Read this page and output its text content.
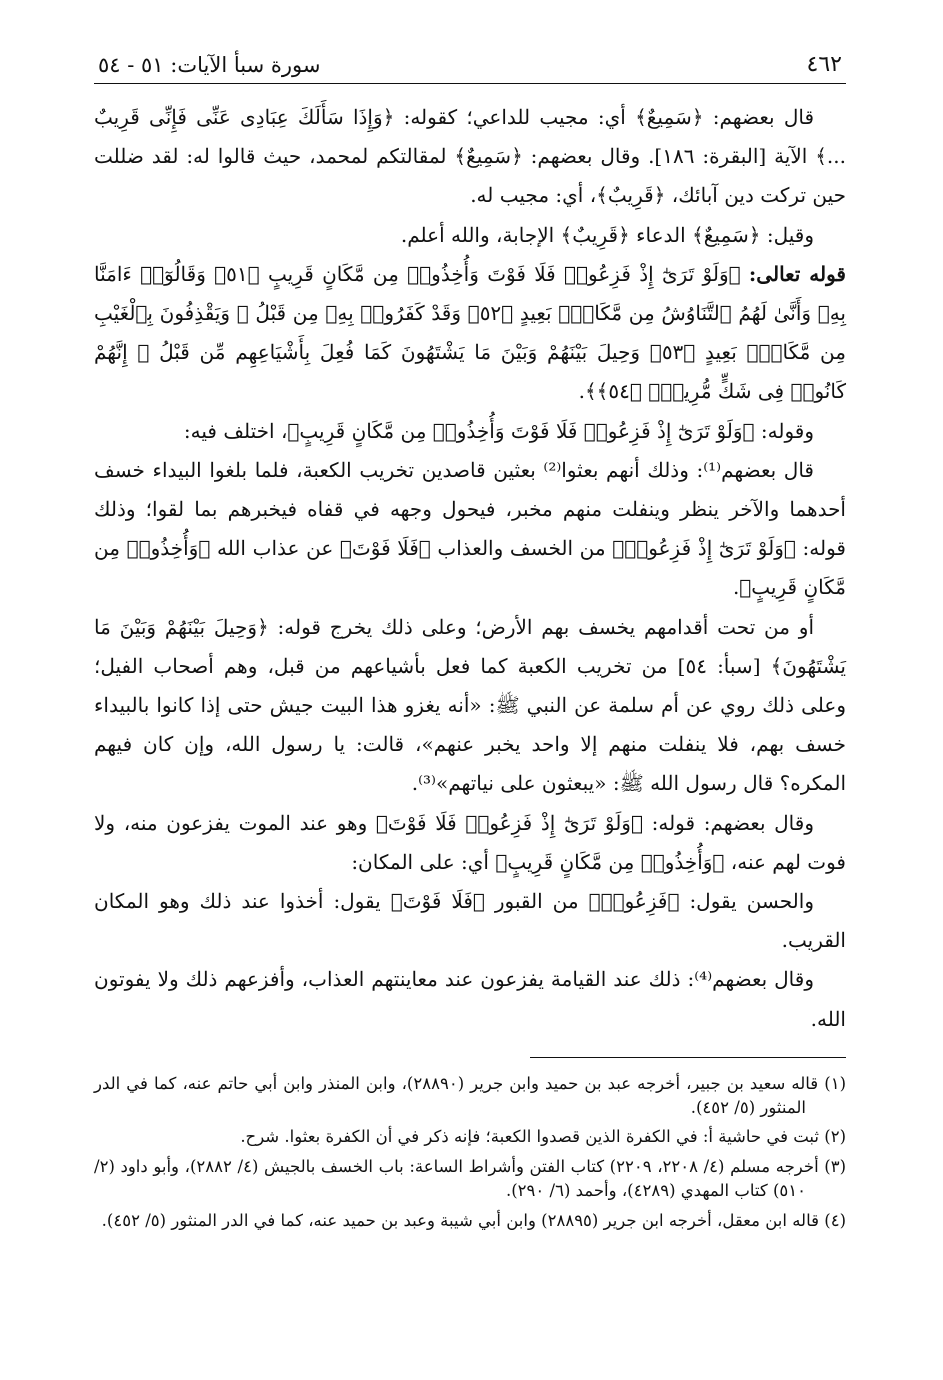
٤٦٢
سورة سبأ الآيات: ٥١ - ٥٤

قال بعضهم: ﴿سَمِيعٌ﴾ أي: مجيب للداعي؛ كقوله: ﴿وَإِذَا سَأَلَكَ عِبَادِى عَنِّى فَإِنِّى قَرِيبٌ ...﴾ الآية [البقرة: ١٨٦]. وقال بعضهم: ﴿سَمِيعٌ﴾ لمقالتكم لمحمد، حيث قالوا له: لقد ضللت حين تركت دين آبائك، ﴿قَرِيبٌ﴾، أي: مجيب له.

وقيل: ﴿سَمِيعٌ﴾ الدعاء ﴿قَرِيبٌ﴾ الإجابة، والله أعلم.

قوله تعالى: ﴿وَلَوْ تَرَىٰٓ إِذْ فَزِعُوا۟ فَلَا فَوْتَ وَأُخِذُوا۟ مِن مَّكَانٍ قَرِيبٍ ﴿٥١﴾ وَقَالُوٓا۟ ءَامَنَّا بِهِۦ وَأَنَّىٰ لَهُمُ ٱلتَّنَاوُشُ مِن مَّكَانٍۭ بَعِيدٍ ﴿٥٢﴾ وَقَدْ كَفَرُوا۟ بِهِۦ مِن قَبْلُ ۖ وَيَقْذِفُونَ بِٱلْغَيْبِ مِن مَّكَانٍۭ بَعِيدٍ ﴿٥٣﴾ وَحِيلَ بَيْنَهُمْ وَبَيْنَ مَا يَشْتَهُونَ كَمَا فُعِلَ بِأَشْيَاعِهِم مِّن قَبْلُ ۚ إِنَّهُمْ كَانُوا۟ فِى شَكٍّ مُّرِيبٍۭ ﴿٥٤﴾﴾.

وقوله: ﴿وَلَوْ تَرَىٰٓ إِذْ فَزِعُوا۟ فَلَا فَوْتَ وَأُخِذُوا۟ مِن مَّكَانٍ قَرِيبٍ﴾، اختلف فيه:

قال بعضهم⁽¹⁾: وذلك أنهم بعثوا⁽²⁾ بعثين قاصدين تخريب الكعبة، فلما بلغوا البيداء خسف أحدهما والآخر ينظر وينفلت منهم مخبر، فيحول وجهه في قفاه فيخبرهم بما لقوا؛ وذلك قوله: ﴿وَلَوْ تَرَىٰٓ إِذْ فَزِعُوا۟﴾ من الخسف والعذاب ﴿فَلَا فَوْتَ﴾ عن عذاب الله ﴿وَأُخِذُوا۟ مِن مَّكَانٍ قَرِيبٍ﴾.

أو من تحت أقدامهم يخسف بهم الأرض؛ وعلى ذلك يخرج قوله: ﴿وَحِيلَ بَيْنَهُمْ وَبَيْنَ مَا يَشْتَهُونَ﴾ [سبأ: ٥٤] من تخريب الكعبة كما فعل بأشياعهم من قبل، وهم أصحاب الفيل؛ وعلى ذلك روي عن أم سلمة عن النبي ﷺ: «أنه يغزو هذا البيت جيش حتى إذا كانوا بالبيداء خسف بهم، فلا ينفلت منهم إلا واحد يخبر عنهم»، قالت: يا رسول الله، وإن كان فيهم المكره؟ قال رسول الله ﷺ: «يبعثون على نياتهم»⁽³⁾.

وقال بعضهم: قوله: ﴿وَلَوْ تَرَىٰٓ إِذْ فَزِعُوا۟ فَلَا فَوْتَ﴾ وهو عند الموت يفزعون منه، ولا فوت لهم عنه، ﴿وَأُخِذُوا۟ مِن مَّكَانٍ قَرِيبٍ﴾ أي: على المكان:

والحسن يقول: ﴿فَزِعُوا۟﴾ من القبور ﴿فَلَا فَوْتَ﴾ يقول: أخذوا عند ذلك وهو المكان القريب.

وقال بعضهم⁽⁴⁾: ذلك عند القيامة يفزعون عند معاينتهم العذاب، وأفزعهم ذلك ولا يفوتون الله.

(١) قاله سعيد بن جبير، أخرجه عبد بن حميد وابن جرير (٢٨٨٩٠)، وابن المنذر وابن أبي حاتم عنه، كما في الدر المنثور (٥/ ٤٥٢).

(٢) ثبت في حاشية أ: في الكفرة الذين قصدوا الكعبة؛ فإنه ذكر في أن الكفرة بعثوا. شرح.

(٣) أخرجه مسلم (٤/ ٢٢٠٨، ٢٢٠٩) كتاب الفتن وأشراط الساعة: باب الخسف بالجيش (٤/ ٢٨٨٢)، وأبو داود (٢/ ٥١٠) كتاب المهدي (٤٢٨٩)، وأحمد (٦/ ٢٩٠).

(٤) قاله ابن معقل، أخرجه ابن جرير (٢٨٨٩٥) وابن أبي شيبة وعبد بن حميد عنه، كما في الدر المنثور (٥/ ٤٥٢).
